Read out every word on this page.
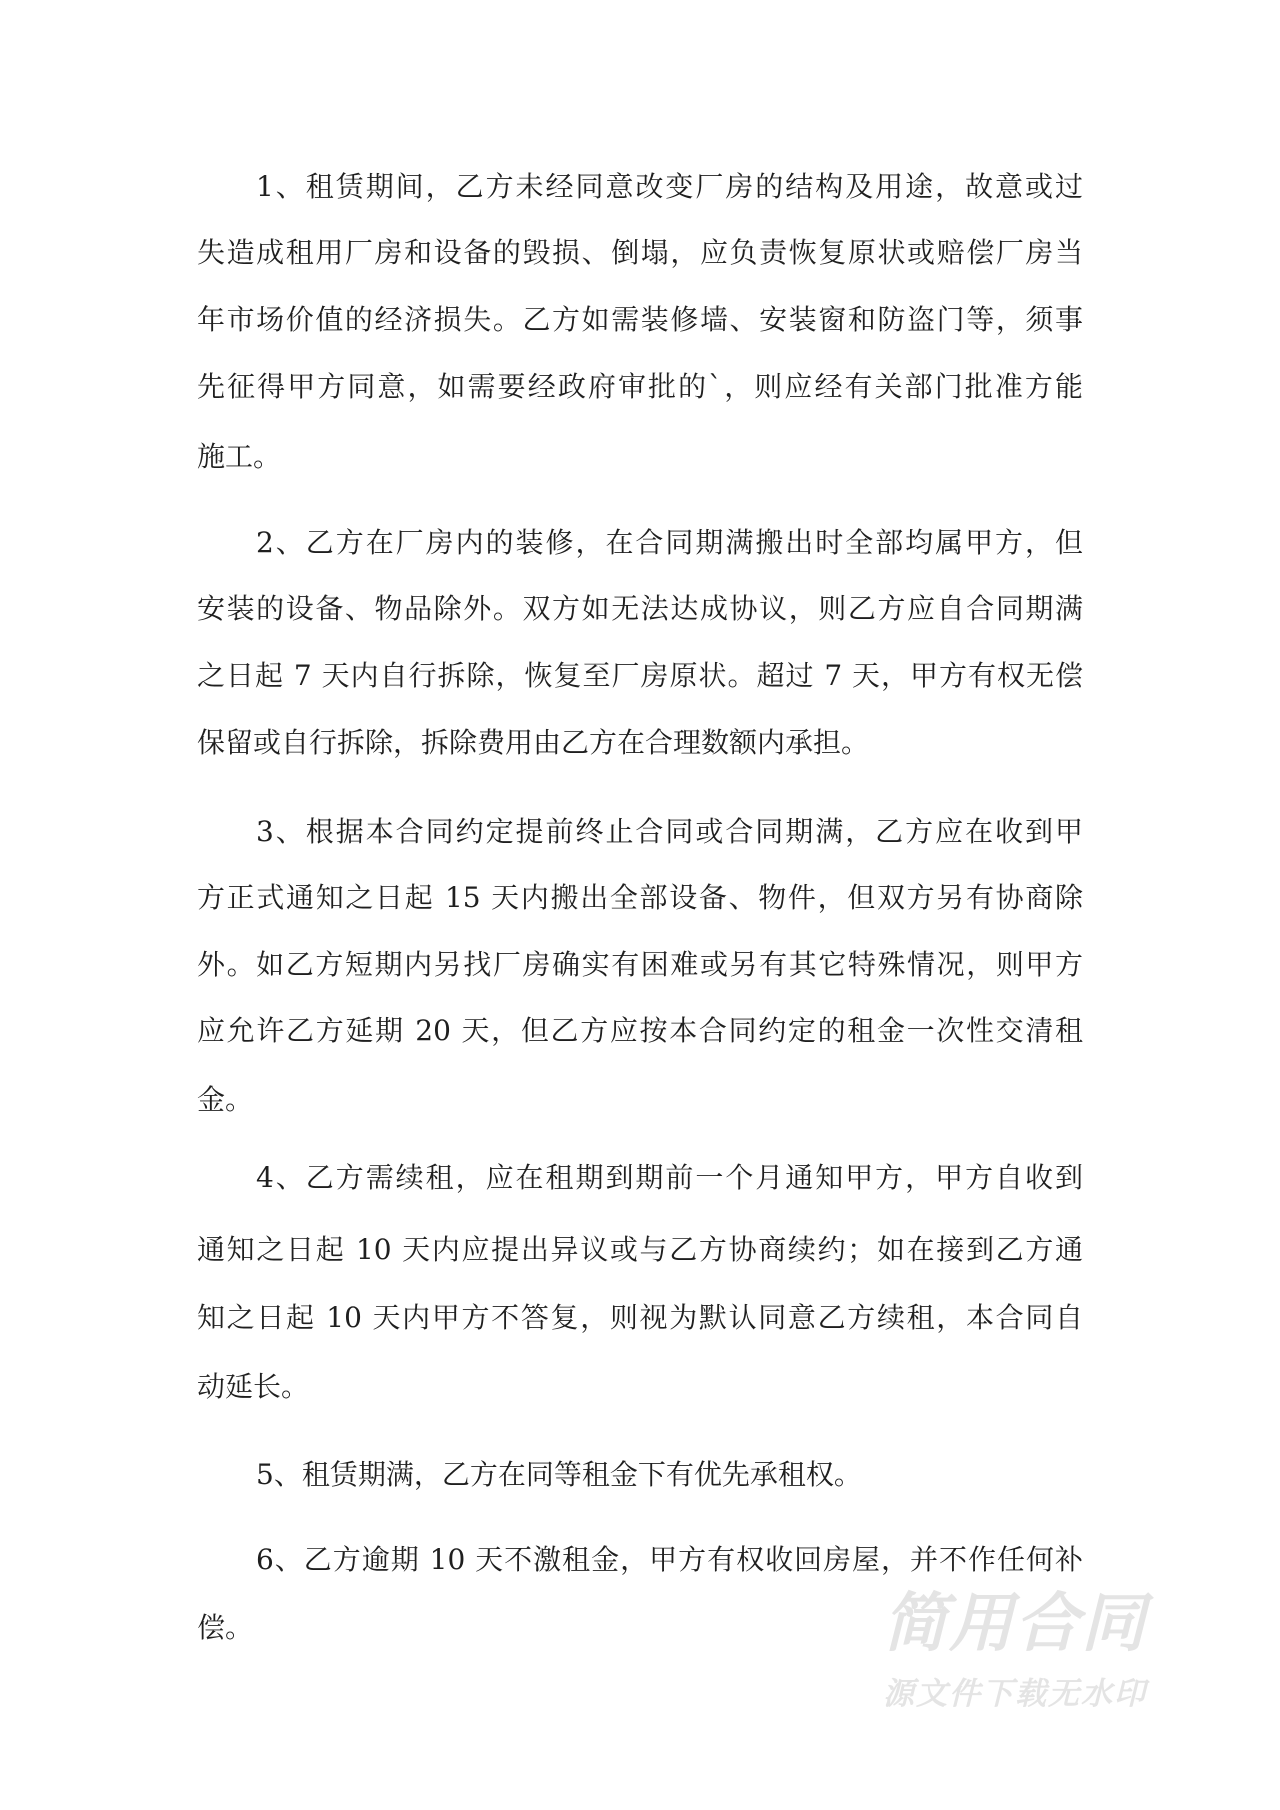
1、租赁期间，乙方未经同意改变厂房的结构及用途，故意或过
失造成租用厂房和设备的毁损、倒塌，应负责恢复原状或赔偿厂房当
年市场价值的经济损失。乙方如需装修墙、安装窗和防盗门等，须事
先征得甲方同意，如需要经政府审批的`，则应经有关部门批准方能
施工。
2、乙方在厂房内的装修，在合同期满搬出时全部均属甲方，但
安装的设备、物品除外。双方如无法达成协议，则乙方应自合同期满
之日起 7 天内自行拆除，恢复至厂房原状。超过 7 天，甲方有权无偿
保留或自行拆除，拆除费用由乙方在合理数额内承担。
3、根据本合同约定提前终止合同或合同期满，乙方应在收到甲
方正式通知之日起 15 天内搬出全部设备、物件，但双方另有协商除
外。如乙方短期内另找厂房确实有困难或另有其它特殊情况，则甲方
应允许乙方延期 20 天，但乙方应按本合同约定的租金一次性交清租
金。
4、乙方需续租，应在租期到期前一个月通知甲方，甲方自收到
通知之日起 10 天内应提出异议或与乙方协商续约；如在接到乙方通
知之日起 10 天内甲方不答复，则视为默认同意乙方续租，本合同自
动延长。
5、租赁期满，乙方在同等租金下有优先承租权。
6、乙方逾期 10 天不激租金，甲方有权收回房屋，并不作任何补
偿。	简用合同
源文件下载无水印
